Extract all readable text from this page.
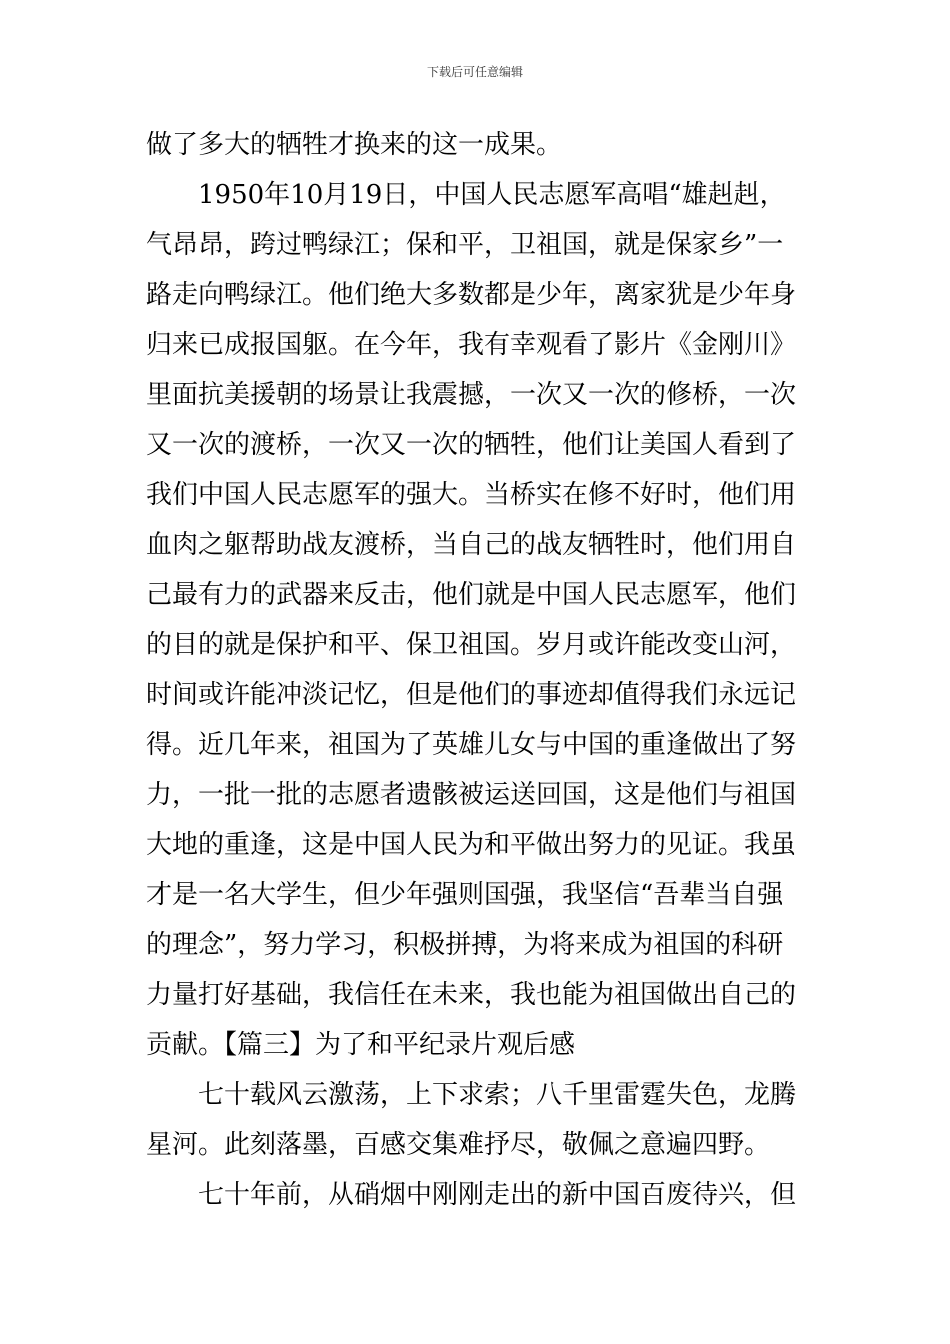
下载后可任意编辑
做了多大的牺牲才换来的这一成果。
1950年10月19日，中国人民志愿军高唱“雄赳赳，
气昂昂，跨过鸭绿江；保和平，卫祖国，就是保家乡”一
路走向鸭绿江。他们绝大多数都是少年，离家犹是少年身
归来已成报国躯。在今年，我有幸观看了影片《金刚川》
里面抗美援朝的场景让我震撼，一次又一次的修桥，一次
又一次的渡桥，一次又一次的牺牲，他们让美国人看到了
我们中国人民志愿军的强大。当桥实在修不好时，他们用
血肉之躯帮助战友渡桥，当自己的战友牺牲时，他们用自
己最有力的武器来反击，他们就是中国人民志愿军，他们
的目的就是保护和平、保卫祖国。岁月或许能改变山河，
时间或许能冲淡记忆，但是他们的事迹却值得我们永远记
得。近几年来，祖国为了英雄儿女与中国的重逢做出了努
力，一批一批的志愿者遗骸被运送回国，这是他们与祖国
大地的重逢，这是中国人民为和平做出努力的见证。我虽
才是一名大学生，但少年强则国强，我坚信“吾辈当自强
的理念”，努力学习，积极拼搏，为将来成为祖国的科研
力量打好基础，我信任在未来，我也能为祖国做出自己的
贡献。【篇三】为了和平纪录片观后感
七十载风云激荡，上下求索；八千里雷霆失色，龙腾
星河。此刻落墨，百感交集难抒尽，敬佩之意遍四野。
七十年前，从硝烟中刚刚走出的新中国百废待兴，但
